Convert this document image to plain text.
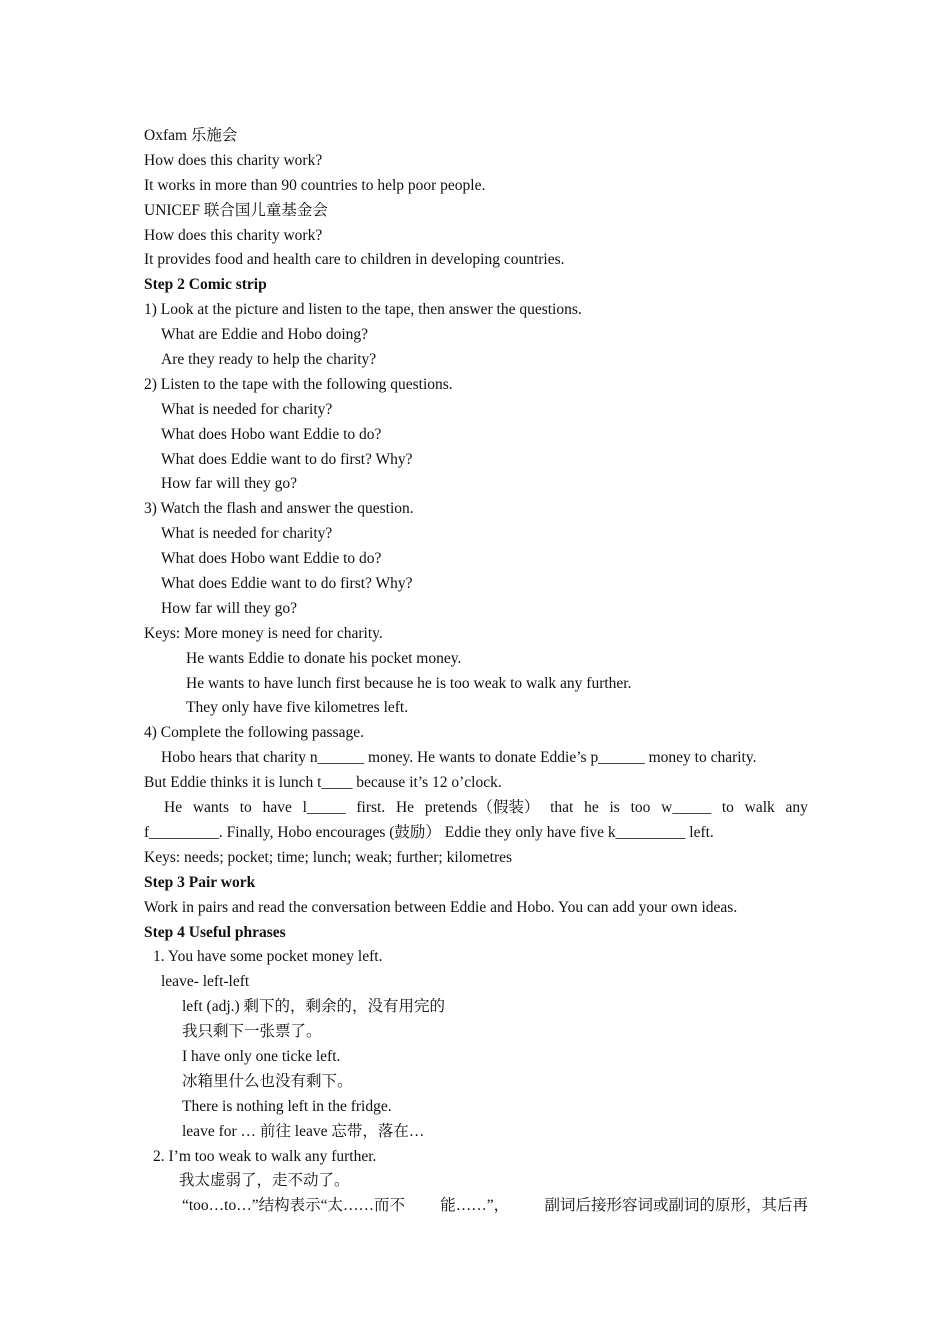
Oxfam 乐施会
How does this charity work?
It works in more than 90 countries to help poor people.
UNICEF 联合国儿童基金会
How does this charity work?
It provides food and health care to children in developing countries.
Step 2 Comic strip
1) Look at the picture and listen to the tape, then answer the questions.
What are Eddie and Hobo doing?
Are they ready to help the charity?
2) Listen to the tape with the following questions.
What is needed for charity?
What does Hobo want Eddie to do?
What does Eddie want to do first? Why?
How far will they go?
3) Watch the flash and answer the question.
What is needed for charity?
What does Hobo want Eddie to do?
What does Eddie want to do first? Why?
How far will they go?
Keys: More money is need for charity.
He wants Eddie to donate his pocket money.
He wants to have lunch first because he is too weak to walk any further.
They only have five kilometres left.
4) Complete the following passage.
Hobo hears that charity n______ money. He wants to donate Eddie’s p______ money to charity.
But Eddie thinks it is lunch t____ because it’s 12 o’clock.
He wants to have l_____ first. He pretends（假装） that he is too w_____ to walk any
f_________. Finally, Hobo encourages (鼓励） Eddie they only have five k_________ left.
Keys: needs; pocket; time; lunch; weak; further; kilometres
Step 3 Pair work
Work in pairs and read the conversation between Eddie and Hobo. You can add your own ideas.
Step 4 Useful phrases
1. You have some pocket money left.
leave- left-left
left (adj.) 剩下的，剩余的，没有用完的
我只剩下一张票了。
I have only one ticke left.
冰箱里什么也没有剩下。
There is nothing left in the fridge.
leave for … 前往 leave 忘带，落在…
2. I’m too weak to walk any further.
我太虚弱了，走不动了。
“too…to…”结构表示“太……而不 能……”， 副词后接形容词或副词的原形，其后再
